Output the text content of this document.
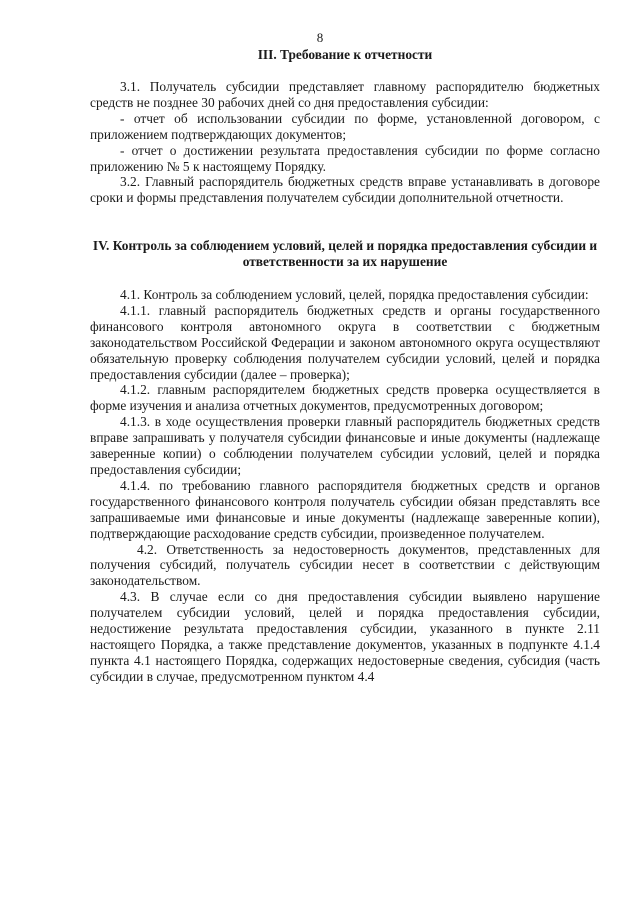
8
III. Требование к отчетности

3.1. Получатель субсидии представляет главному распорядителю бюджетных средств не позднее 30 рабочих дней со дня предоставления субсидии:

- отчет об использовании субсидии по форме, установленной договором, с приложением подтверждающих документов;

- отчет о достижении результата предоставления субсидии по форме согласно приложению № 5 к настоящему Порядку.

3.2. Главный распорядитель бюджетных средств вправе устанавливать в договоре сроки и формы представления получателем субсидии дополнительной отчетности.

IV. Контроль за соблюдением условий, целей и порядка предоставления субсидии и ответственности за их нарушение

4.1. Контроль за соблюдением условий, целей, порядка предоставления субсидии:

4.1.1. главный распорядитель бюджетных средств и органы государственного финансового контроля автономного округа в соответствии с бюджетным законодательством Российской Федерации и законом автономного округа осуществляют обязательную проверку соблюдения получателем субсидии условий, целей и порядка предоставления субсидии (далее – проверка);

4.1.2. главным распорядителем бюджетных средств проверка осуществляется в форме изучения и анализа отчетных документов, предусмотренных договором;

4.1.3. в ходе осуществления проверки главный распорядитель бюджетных средств вправе запрашивать у получателя субсидии финансовые и иные документы (надлежаще заверенные копии) о соблюдении получателем субсидии условий, целей и порядка предоставления субсидии;

4.1.4. по требованию главного распорядителя бюджетных средств и органов государственного финансового контроля получатель субсидии обязан представлять все запрашиваемые ими финансовые и иные документы (надлежаще заверенные копии), подтверждающие расходование средств субсидии, произведенное получателем.

4.2. Ответственность за недостоверность документов, представленных для получения субсидий, получатель субсидии несет в соответствии с действующим законодательством.

4.3. В случае если со дня предоставления субсидии выявлено нарушение получателем субсидии условий, целей и порядка предоставления субсидии, недостижение результата предоставления субсидии, указанного в пункте 2.11 настоящего Порядка, а также представление документов, указанных в подпункте 4.1.4 пункта 4.1 настоящего Порядка, содержащих недостоверные сведения, субсидия (часть субсидии в случае, предусмотренном пунктом 4.4
